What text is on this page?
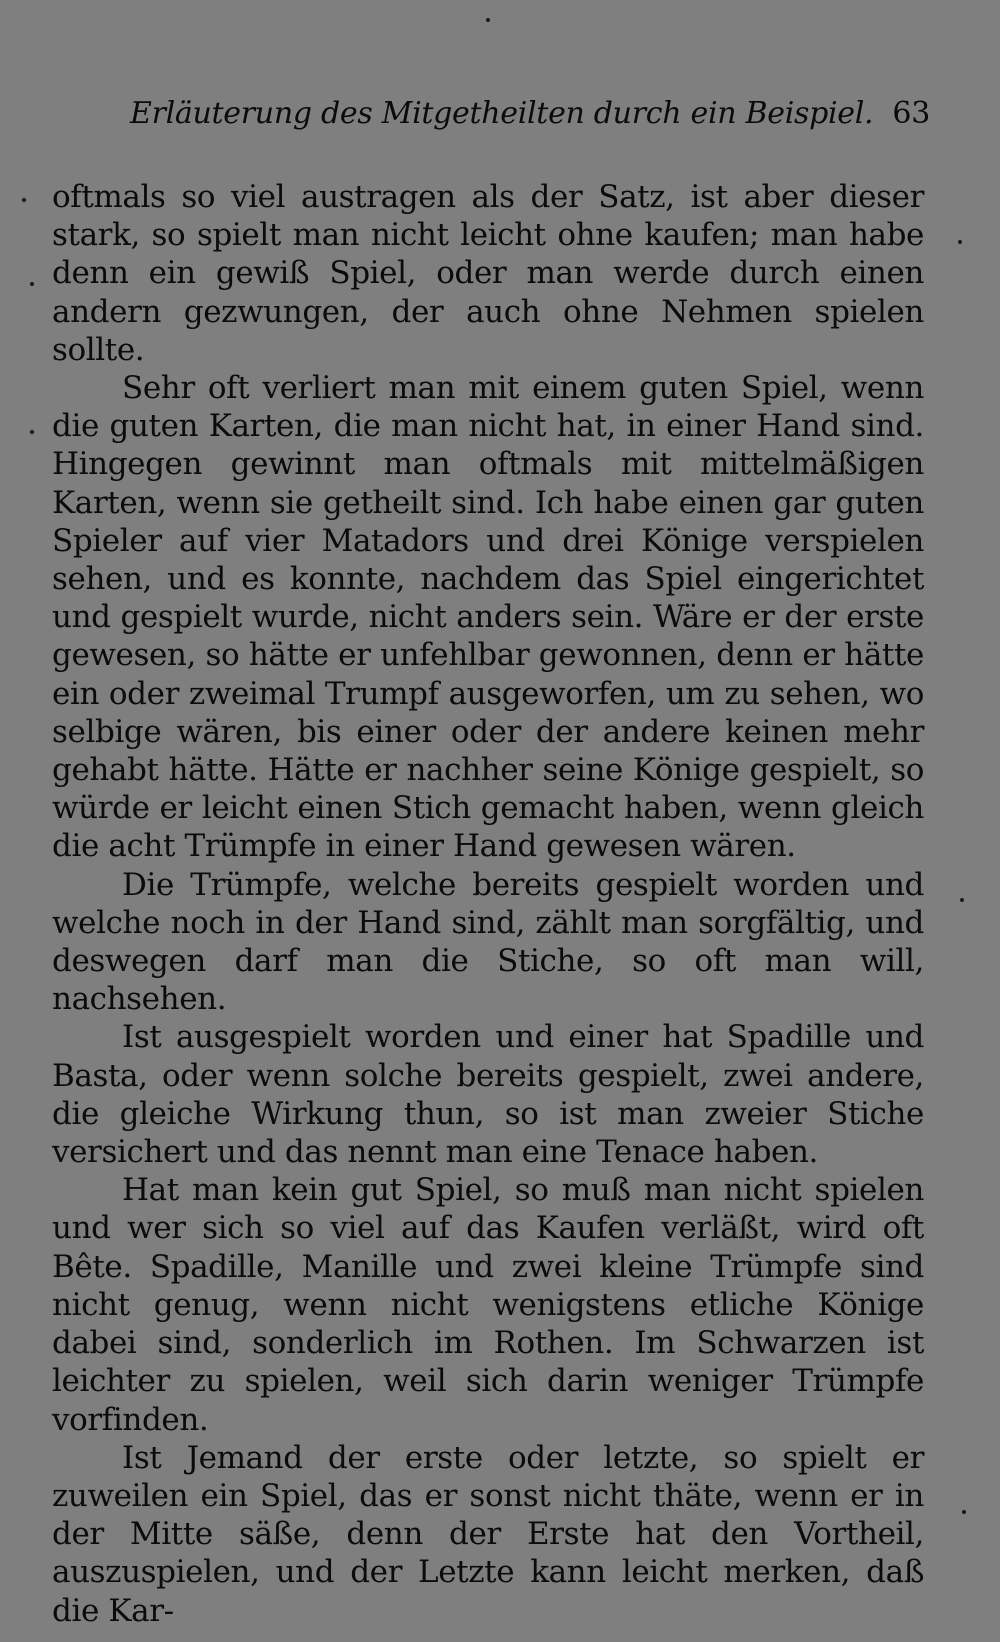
Erläuterung des Mitgetheilten durch ein Beispiel. 63

oftmals so viel austragen als der Satz, ist aber dieser stark, so spielt man nicht leicht ohne kaufen; man habe denn ein gewiß Spiel, oder man werde durch einen andern gezwungen, der auch ohne Nehmen spielen sollte.

Sehr oft verliert man mit einem guten Spiel, wenn die guten Karten, die man nicht hat, in einer Hand sind. Hingegen gewinnt man oftmals mit mittelmäßigen Karten, wenn sie getheilt sind. Ich habe einen gar guten Spieler auf vier Matadors und drei Könige verspielen sehen, und es konnte, nachdem das Spiel eingerichtet und gespielt wurde, nicht anders sein. Wäre er der erste gewesen, so hätte er unfehlbar gewonnen, denn er hätte ein oder zweimal Trumpf ausgeworfen, um zu sehen, wo selbige wären, bis einer oder der andere keinen mehr gehabt hätte. Hätte er nachher seine Könige gespielt, so würde er leicht einen Stich gemacht haben, wenn gleich die acht Trümpfe in einer Hand gewesen wären.

Die Trümpfe, welche bereits gespielt worden und welche noch in der Hand sind, zählt man sorgfältig, und deswegen darf man die Stiche, so oft man will, nachsehen.

Ist ausgespielt worden und einer hat Spadille und Basta, oder wenn solche bereits gespielt, zwei andere, die gleiche Wirkung thun, so ist man zweier Stiche versichert und das nennt man eine Tenace haben.

Hat man kein gut Spiel, so muß man nicht spielen und wer sich so viel auf das Kaufen verläßt, wird oft Bête. Spadille, Manille und zwei kleine Trümpfe sind nicht genug, wenn nicht wenigstens etliche Könige dabei sind, sonderlich im Rothen. Im Schwarzen ist leichter zu spielen, weil sich darin weniger Trümpfe vorfinden.

Ist Jemand der erste oder letzte, so spielt er zuweilen ein Spiel, das er sonst nicht thäte, wenn er in der Mitte säße, denn der Erste hat den Vortheil, auszuspielen, und der Letzte kann leicht merken, daß die Kar-
